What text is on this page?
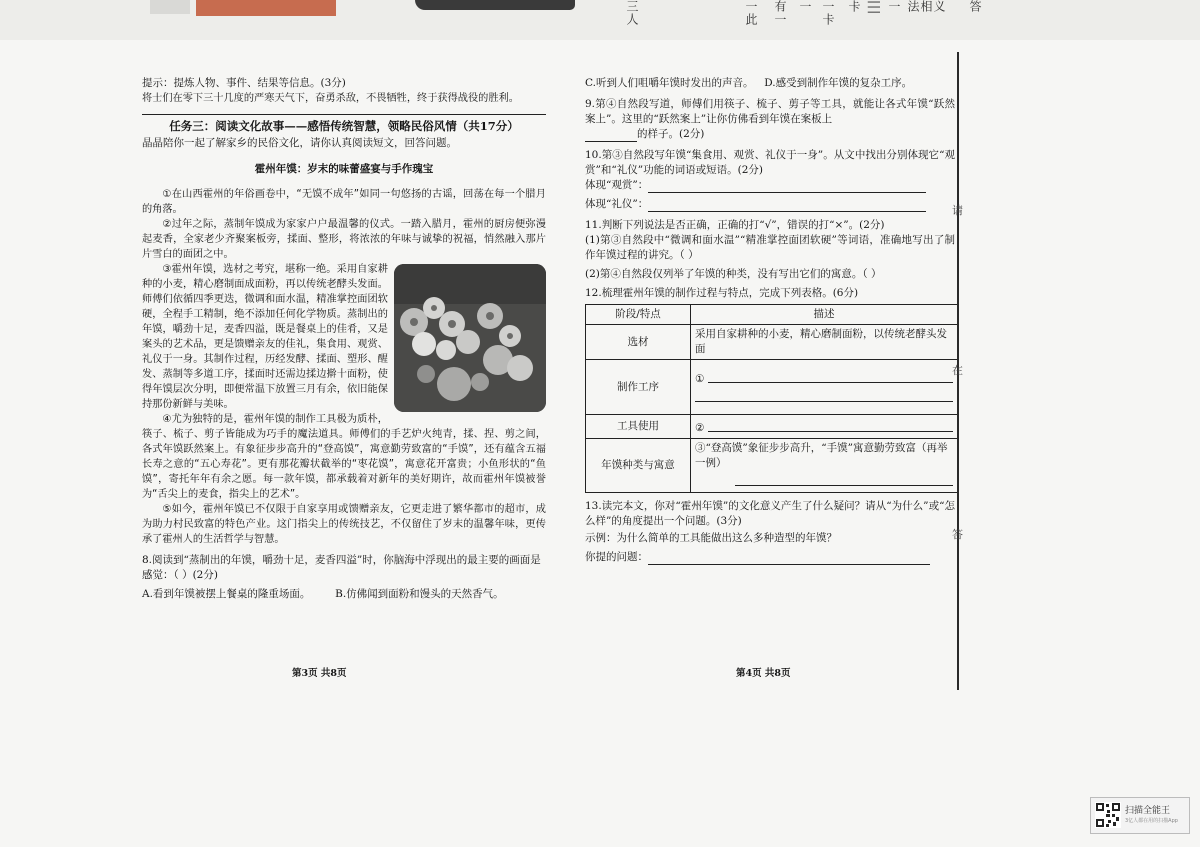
三人	一此 有一 一 一卡 卡 ||| 一 法 相 义 答

提示：提炼人物、事件、结果等信息。(3分)

将士们在零下三十几度的严寒天气下，奋勇杀敌，不畏牺牲，终于获得战役的胜利。

任务三：阅读文化故事——感悟传统智慧，领略民俗风情（共17分）

晶晶陪你一起了解家乡的民俗文化，请你认真阅读短文，回答问题。

霍州年馍：岁末的味蕾盛宴与手作瑰宝

①在山西霍州的年俗画卷中，“无馍不成年”如同一句悠扬的古谣，回荡在每一个腊月的角落。

②过年之际，蒸制年馍成为家家户户最温馨的仪式。一踏入腊月，霍州的厨房便弥漫起麦香，全家老少齐聚案板旁，揉面、整形，将浓浓的年味与诚挚的祝福，悄然融入那片片雪白的面团之中。

③霍州年馍，选材之考究，堪称一绝。采用自家耕种的小麦，精心磨制面成面粉，再以传统老酵头发面。师傅们依循四季更迭，微调和面水温，精准掌控面团软硬，全程手工精制，绝不添加任何化学物质。蒸制出的年馍，嚼劲十足，麦香四溢，既是餐桌上的佳肴，又是案头的艺术品，更是馈赠亲友的佳礼，集食用、观赏、礼仪于一身。其制作过程，历经发酵、揉面、塑形、醒发、蒸制等多道工序，揉面时还需边揉边擀十面粉，使得年馍层次分明，即便常温下放置三月有余，依旧能保持那份新鲜与美味。

④尤为独特的是，霍州年馍的制作工具极为质朴，筷子、梳子、剪子皆能成为巧手的魔法道具。师傅们的手艺炉火纯青，揉、捏、剪之间，各式年馍跃然案上。有象征步步高升的“登高馍”，寓意勤劳致富的“手馍”，还有蕴含五福长寿之意的“五心寿花”。更有那花瓣状截举的“枣花馍”，寓意花开富贵；小鱼形状的“鱼馍”，寄托年年有余之愿。每一款年馍，都承载着对新年的美好期许，故而霍州年馍被誉为“舌尖上的麦食，指尖上的艺术”。

⑤如今，霍州年馍已不仅限于自家享用或馈赠亲友，它更走进了繁华都市的超市，成为助力村民致富的特色产业。这门指尖上的传统技艺，不仅留住了岁末的温馨年味，更传承了霍州人的生活哲学与智慧。

8.阅读到“蒸制出的年馍，嚼劲十足，麦香四溢”时，你脑海中浮现出的最主要的画面是

感觉：（ ）(2分)

A.看到年馍被摆上餐桌的隆重场面。 B.仿佛闻到面粉和馒头的天然香气。

第3页 共8页

C.听到人们咀嚼年馍时发出的声音。 D.感受到制作年馍的复杂工序。

9.第④自然段写道，师傅们用筷子、梳子、剪子等工具，就能让各式年馍“跃然案上”。这里的“跃然案上”让你仿佛看到年馍在案板上

的样子。(2分)

10.第③自然段写年馍“集食用、观赏、礼仪于一身”。从文中找出分别体现它“观赏”和“礼仪”功能的词语或短语。(2分)

体现“观赏”：

体现“礼仪”：

11.判断下列说法是否正确，正确的打“√”，错误的打“×”。(2分)

(1)第③自然段中“微调和面水温”“精准掌控面团软硬”等词语，准确地写出了制作年馍过程的讲究。（ ）

(2)第④自然段仅列举了年馍的种类，没有写出它们的寓意。（ ）

12.梳理霍州年馍的制作过程与特点，完成下列表格。(6分)

阶段/特点	描述
选材	采用自家耕种的小麦，精心磨制面粉，以传统老酵头发面
制作工序	①

工具使用	②

年馍种类与寓意	③“登高馍”象征步步高升，“手馍”寓意勤劳致富（再举一例）

13.读完本文，你对“霍州年馍”的文化意义产生了什么疑问？请从“为什么”或“怎么样”的角度提出一个问题。(3分)

示例：为什么简单的工具能做出这么多种造型的年馍？

你提的问题：

第4页 共8页
请
在
答
扫描全能王
3亿人都在用的扫描App
